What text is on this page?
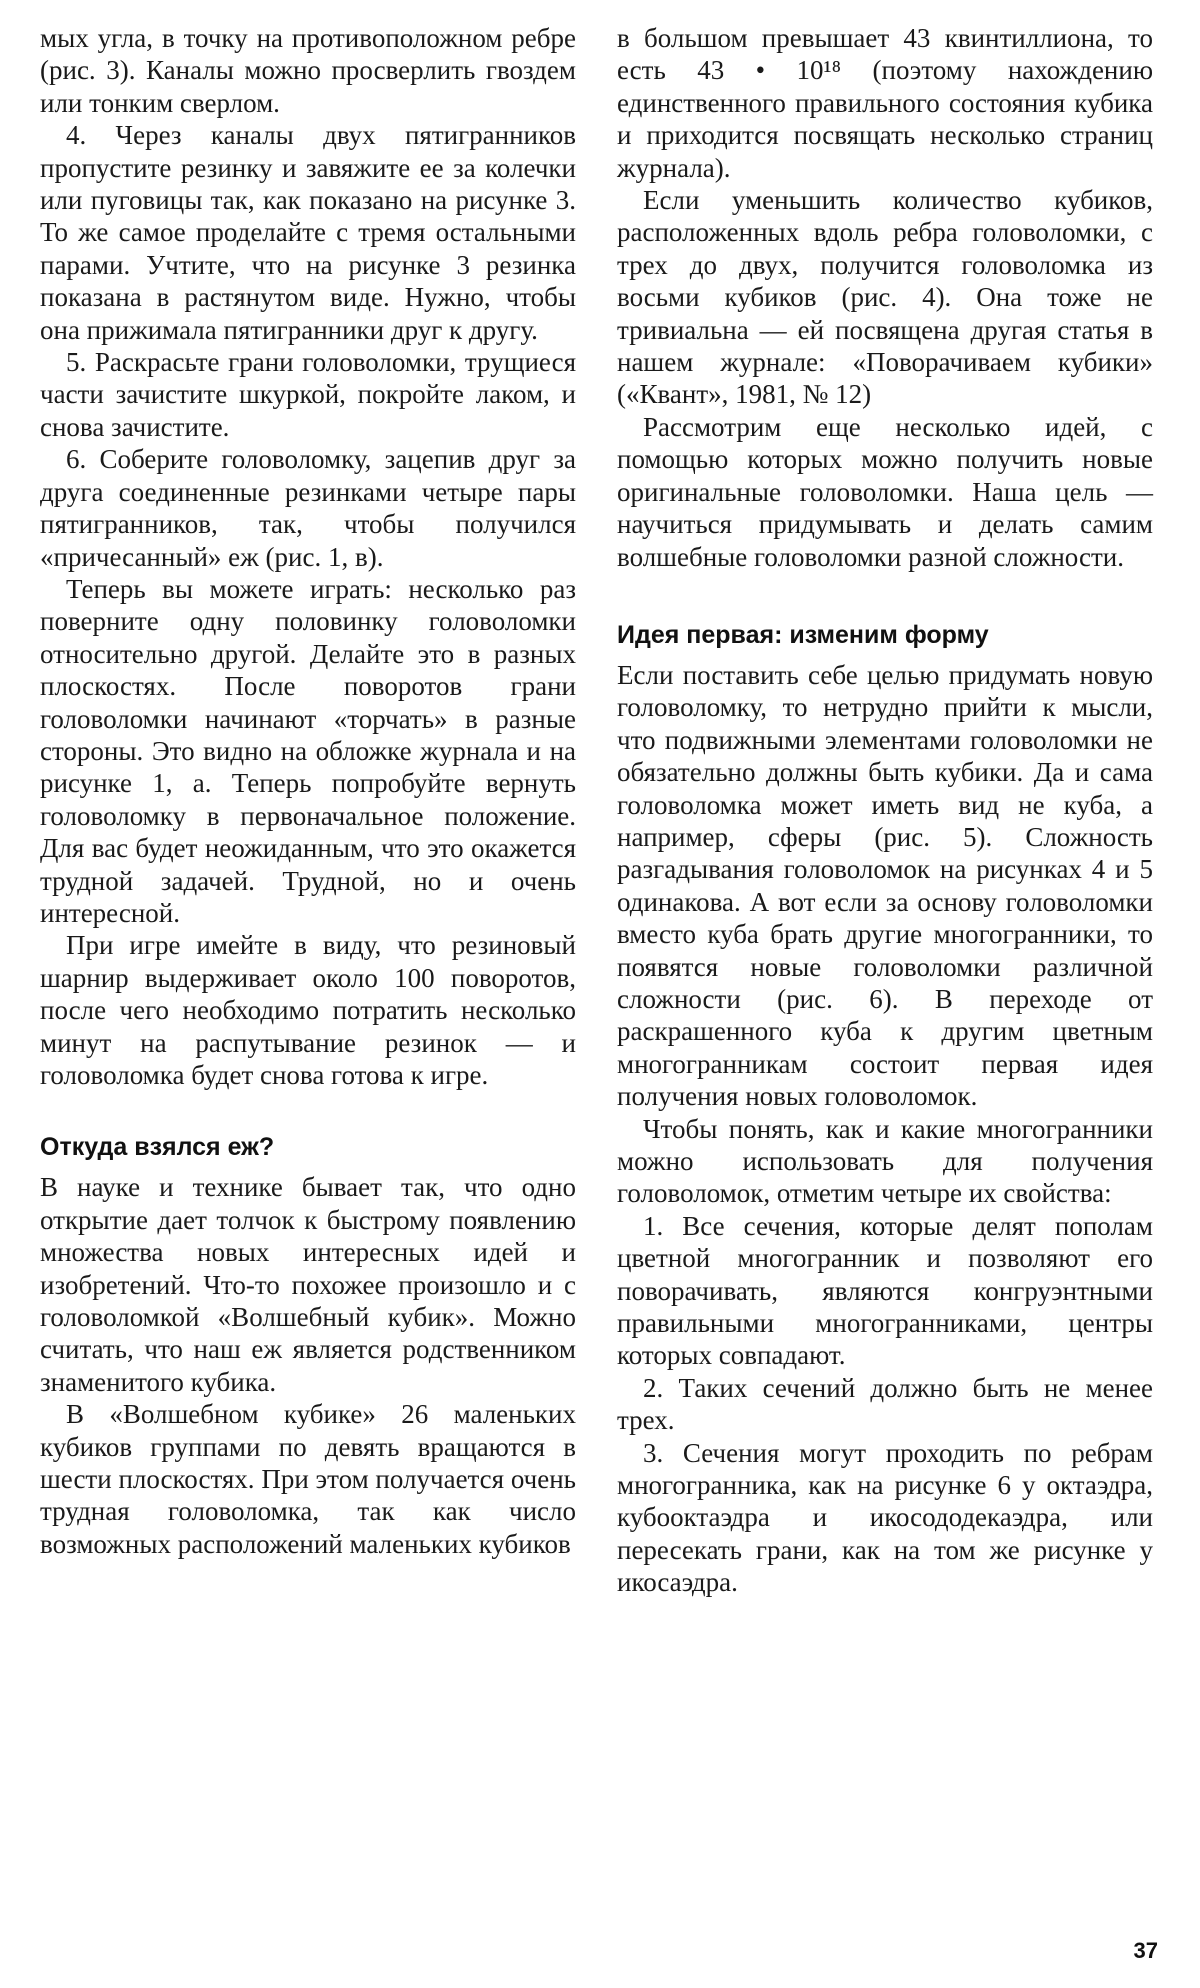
мых угла, в точку на противоположном ребре (рис. 3). Каналы можно просверлить гвоздем или тонким сверлом.

4. Через каналы двух пятигранников пропустите резинку и завяжите ее за колечки или пуговицы так, как показано на рисунке 3. То же самое проделайте с тремя остальными парами. Учтите, что на рисунке 3 резинка показана в растянутом виде. Нужно, чтобы она прижимала пятигранники друг к другу.

5. Раскрасьте грани головоломки, трущиеся части зачистите шкуркой, покройте лаком, и снова зачистите.

6. Соберите головоломку, зацепив друг за друга соединенные резинками четыре пары пятигранников, так, чтобы получился «причесанный» еж (рис. 1, в).

Теперь вы можете играть: несколько раз поверните одну половинку головоломки относительно другой. Делайте это в разных плоскостях. После поворотов грани головоломки начинают «торчать» в разные стороны. Это видно на обложке журнала и на рисунке 1, а. Теперь попробуйте вернуть головоломку в первоначальное положение. Для вас будет неожиданным, что это окажется трудной задачей. Трудной, но и очень интересной.

При игре имейте в виду, что резиновый шарнир выдерживает около 100 поворотов, после чего необходимо потратить несколько минут на распутывание резинок — и головоломка будет снова готова к игре.

Откуда взялся еж?

В науке и технике бывает так, что одно открытие дает толчок к быстрому появлению множества новых интересных идей и изобретений. Что-то похожее произошло и с головоломкой «Волшебный кубик». Можно считать, что наш еж является родственником знаменитого кубика.

В «Волшебном кубике» 26 маленьких кубиков группами по девять вращаются в шести плоскостях. При этом получается очень трудная головоломка, так как число возможных расположений маленьких кубиков

в большом превышает 43 квинтиллиона, то есть 43 • 10¹⁸ (поэтому нахождению единственного правильного состояния кубика и приходится посвящать несколько страниц журнала).

Если уменьшить количество кубиков, расположенных вдоль ребра головоломки, с трех до двух, получится головоломка из восьми кубиков (рис. 4). Она тоже не тривиальна — ей посвящена другая статья в нашем журнале: «Поворачиваем кубики» («Квант», 1981, № 12)

Рассмотрим еще несколько идей, с помощью которых можно получить новые оригинальные головоломки. Наша цель — научиться придумывать и делать самим волшебные головоломки разной сложности.

Идея первая: изменим форму

Если поставить себе целью придумать новую головоломку, то нетрудно прийти к мысли, что подвижными элементами головоломки не обязательно должны быть кубики. Да и сама головоломка может иметь вид не куба, а например, сферы (рис. 5). Сложность разгадывания головоломок на рисунках 4 и 5 одинакова. А вот если за основу головоломки вместо куба брать другие многогранники, то появятся новые головоломки различной сложности (рис. 6). В переходе от раскрашенного куба к другим цветным многогранникам состоит первая идея получения новых головоломок.

Чтобы понять, как и какие многогранники можно использовать для получения головоломок, отметим четыре их свойства:

1. Все сечения, которые делят пополам цветной многогранник и позволяют его поворачивать, являются конгруэнтными правильными многогранниками, центры которых совпадают.

2. Таких сечений должно быть не менее трех.

3. Сечения могут проходить по ребрам многогранника, как на рисунке 6 у октаэдра, кубооктаэдра и икосододекаэдра, или пересекать грани, как на том же рисунке у икосаэдра.

37
